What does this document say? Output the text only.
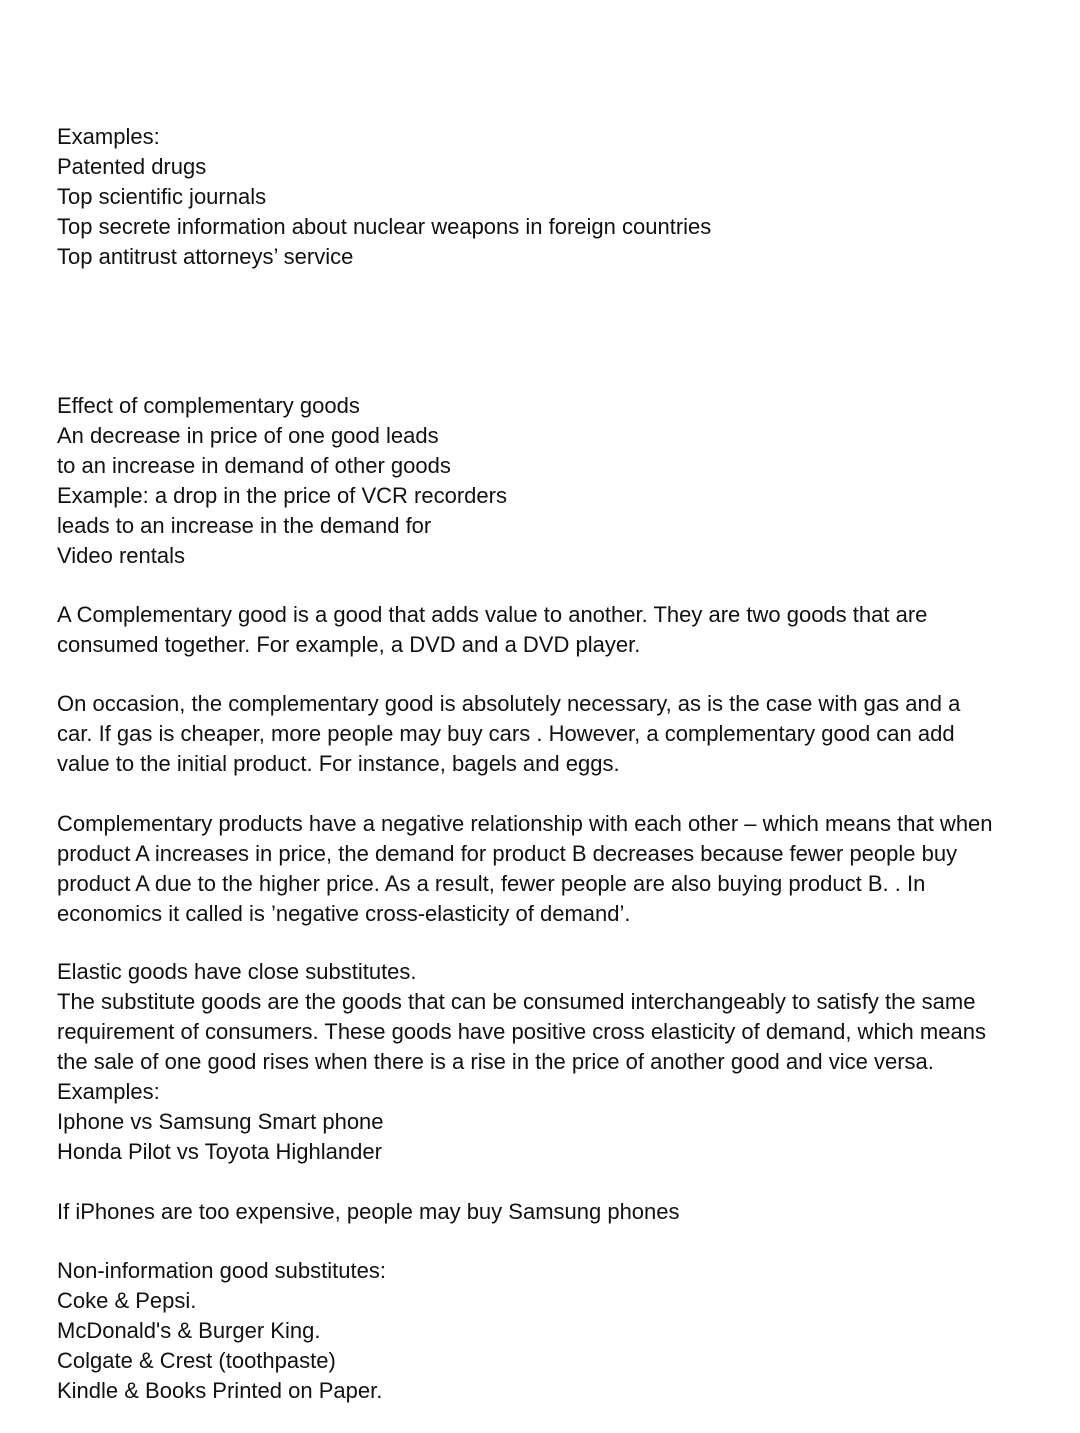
Examples:
Patented drugs
Top scientific journals
Top secrete information about nuclear weapons in foreign countries
Top antitrust attorneys’ service
Effect of complementary goods
An decrease in price of one good leads
to an increase in demand of other goods
Example: a drop in the price of VCR recorders
leads to an increase in the demand for
Video rentals
A Complementary good is a good that adds value to another. They are two goods that are
consumed together. For example, a DVD and a DVD player.
On occasion, the complementary good is absolutely necessary, as is the case with gas and a
car. If gas is cheaper, more people may buy cars . However, a complementary good can add
value to the initial product. For instance, bagels and eggs.
Complementary products have a negative relationship with each other – which means that when
product A increases in price, the demand for product B decreases because fewer people buy
product A due to the higher price. As a result, fewer people are also buying product B. . In
economics it called is ’negative cross-elasticity of demand’.
Elastic goods have close substitutes.
The substitute goods are the goods that can be consumed interchangeably to satisfy the same
requirement of consumers. These goods have positive cross elasticity of demand, which means
the sale of one good rises when there is a rise in the price of another good and vice versa.
Examples:
Iphone vs Samsung Smart phone
Honda Pilot vs Toyota Highlander
If iPhones are too expensive, people may buy Samsung phones
Non-information good substitutes:
Coke & Pepsi.
McDonald's & Burger King.
Colgate & Crest (toothpaste)
Kindle & Books Printed on Paper.
